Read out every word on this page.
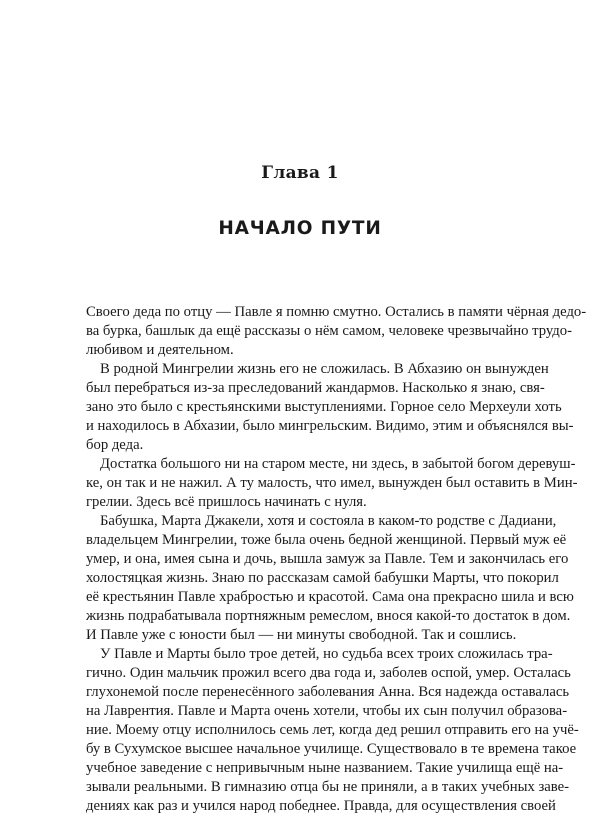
Глава 1
НАЧАЛО ПУТИ
Своего деда по отцу — Павле я помню смутно. Остались в памяти чёрная дедо-
ва бурка, башлык да ещё рассказы о нём самом, человеке чрезвычайно трудо-
любивом и деятельном.
В родной Мингрелии жизнь его не сложилась. В Абхазию он вынужден
был перебраться из-за преследований жандармов. Насколько я знаю, свя-
зано это было с крестьянскими выступлениями. Горное село Мерхеули хоть
и находилось в Абхазии, было мингрельским. Видимо, этим и объяснялся вы-
бор деда.
Достатка большого ни на старом месте, ни здесь, в забытой богом деревуш-
ке, он так и не нажил. А ту малость, что имел, вынужден был оставить в Мин-
грелии. Здесь всё пришлось начинать с нуля.
Бабушка, Марта Джакели, хотя и состояла в каком-то родстве с Дадиани,
владельцем Мингрелии, тоже была очень бедной женщиной. Первый муж её
умер, и она, имея сына и дочь, вышла замуж за Павле. Тем и закончилась его
холостяцкая жизнь. Знаю по рассказам самой бабушки Марты, что покорил
её крестьянин Павле храбростью и красотой. Сама она прекрасно шила и всю
жизнь подрабатывала портняжным ремеслом, внося какой-то достаток в дом.
И Павле уже с юности был — ни минуты свободной. Так и сошлись.
У Павле и Марты было трое детей, но судьба всех троих сложилась тра-
гично. Один мальчик прожил всего два года и, заболев оспой, умер. Осталась
глухонемой после перенесённого заболевания Анна. Вся надежда оставалась
на Лаврентия. Павле и Марта очень хотели, чтобы их сын получил образова-
ние. Моему отцу исполнилось семь лет, когда дед решил отправить его на учё-
бу в Сухумское высшее начальное училище. Существовало в те времена такое
учебное заведение с непривычным ныне названием. Такие училища ещё на-
зывали реальными. В гимназию отца бы не приняли, а в таких учебных заве-
дениях как раз и учился народ победнее. Правда, для осуществления своей
